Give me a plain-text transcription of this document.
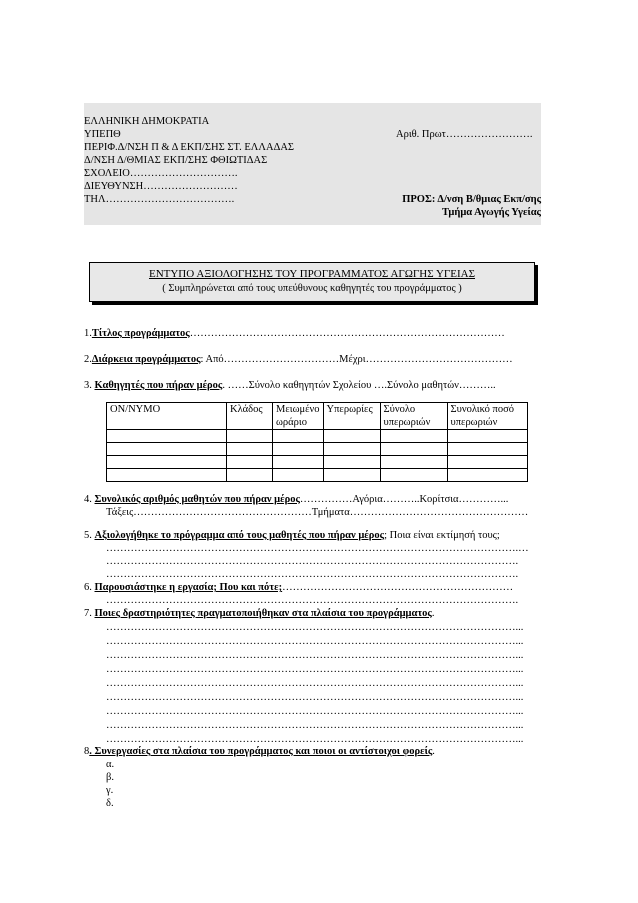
ΕΛΛΗΝΙΚΗ ΔΗΜΟΚΡΑΤΙΑ
ΥΠΕΠΘ
ΠΕΡΙΦ.Δ/ΝΣΗ Π & Δ ΕΚΠ/ΣΗΣ ΣΤ. ΕΛΛΑΔΑΣ
Δ/ΝΣΗ Δ/ΘΜΙΑΣ ΕΚΠ/ΣΗΣ ΦΘΙΩΤΙΔΑΣ
ΣΧΟΛΕΙΟ………………………….
ΔΙΕΥΘΥΝΣΗ………………………
ΤΗΛ……………………………….
Αριθ. Πρωτ…………………….
ΠΡΟΣ: Δ/νση Β/θμιας Εκπ/σης
Τμήμα Αγωγής Υγείας
ΕΝΤΥΠΟ ΑΞΙΟΛΟΓΗΣΗΣ ΤΟΥ ΠΡΟΓΡΑΜΜΑΤΟΣ ΑΓΩΓΗΣ ΥΓΕΙΑΣ
( Συμπληρώνεται από τους υπεύθυνους καθηγητές του προγράμματος )
1.Τίτλος προγράμματος………………………………………………………………………………
2.Διάρκεια προγράμματος: Από……………………………Μέχρι……………………………………
3. Καθηγητές που πήραν μέρος. ……Σύνολο καθηγητών Σχολείου ….Σύνολο μαθητών………..
ΟΝ/ΝΥΜΟ	Κλάδος	Μειωμένο ωράριο	Υπερωρίες	Σύνολο υπερωριών	Συνολικό ποσό υπερωριών

4. Συνολικός αριθμός μαθητών που πήραν μέρος……………Αγόρια………..Κορίτσια…………...
Τάξεις……………………………………………Τμήματα……………………………………………
5. Αξιολογήθηκε το πρόγραμμα από τους μαθητές που πήραν μέρος; Ποια είναι εκτίμησή τους;
……………………………………………………………………………………………………….…
……………………………………………………………………………………………………….
……………………………………………………………………………………………………….
6. Παρουσιάστηκε η εργασία; Που και πότε;…………………………………………………………
……………………………………………………………………………………………………….
7. Ποιες δραστηριότητες πραγματοποιήθηκαν στα πλαίσια του προγράμματος.
………………………………………………………………………………………………………...
………………………………………………………………………………………………………...
………………………………………………………………………………………………………...
………………………………………………………………………………………………………...
………………………………………………………………………………………………………...
………………………………………………………………………………………………………...
………………………………………………………………………………………………………...
………………………………………………………………………………………………………...
………………………………………………………………………………………………………...
8. Συνεργασίες στα πλαίσια του προγράμματος και ποιοι οι αντίστοιχοι φορείς.
α.
β.
γ.
δ.
